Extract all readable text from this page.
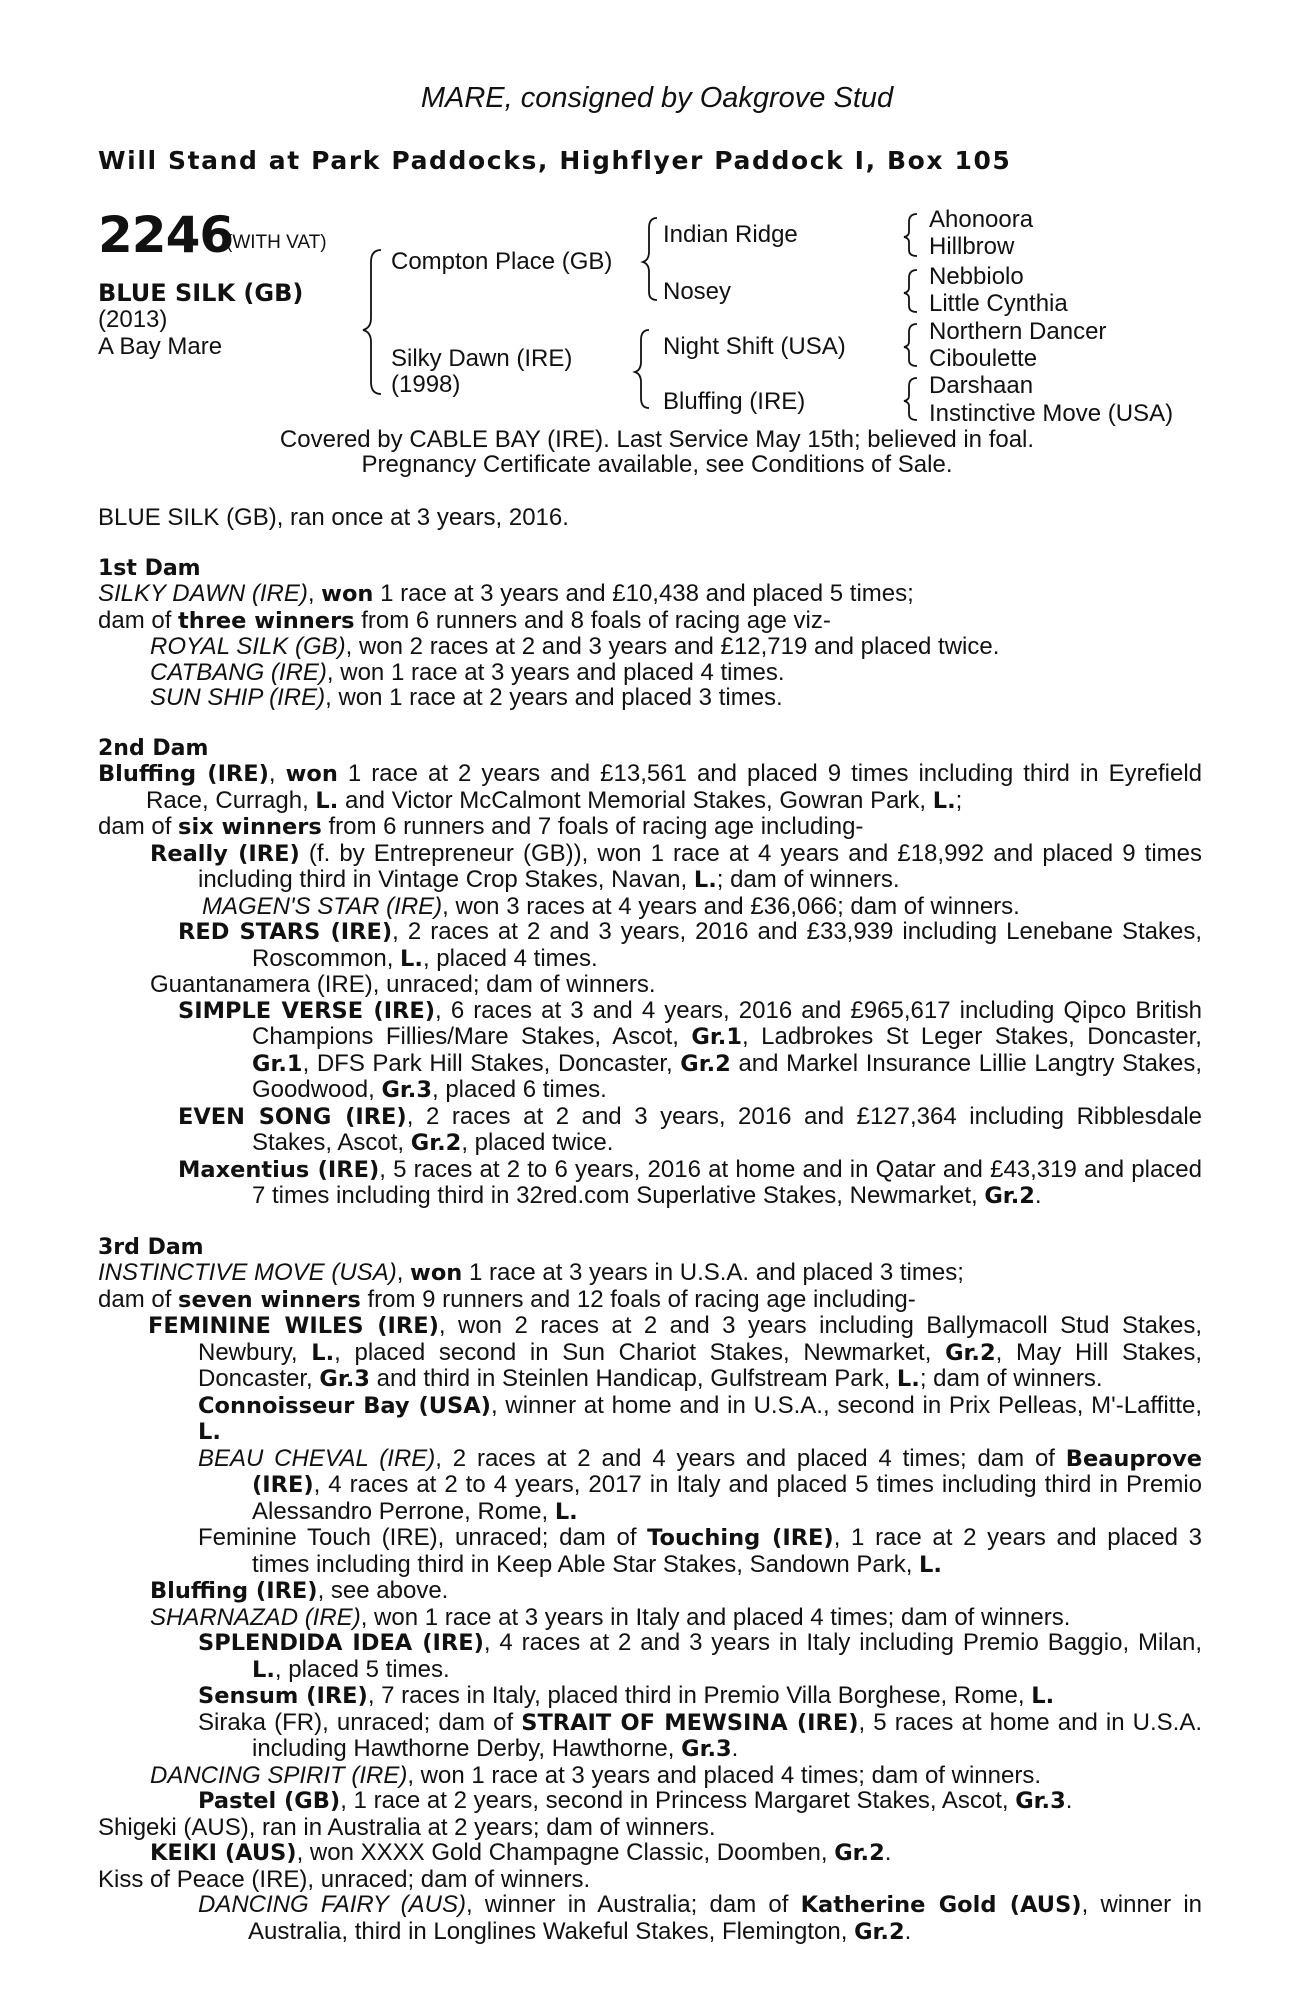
MARE, consigned by Oakgrove Stud
Will Stand at Park Paddocks, Highflyer Paddock I, Box 105
2246
(WITH VAT)
BLUE SILK (GB)
(2013)
A Bay Mare
Compton Place (GB)
Silky Dawn (IRE)
(1998)
Indian Ridge
Nosey
Night Shift (USA)
Bluffing (IRE)
Ahonoora
Hillbrow
Nebbiolo
Little Cynthia
Northern Dancer
Ciboulette
Darshaan
Instinctive Move (USA)
Covered by CABLE BAY (IRE). Last Service May 15th; believed in foal.
Pregnancy Certificate available, see Conditions of Sale.

BLUE SILK (GB), ran once at 3 years, 2016.

1st Dam

SILKY DAWN (IRE), won 1 race at 3 years and £10,438 and placed 5 times;

dam of three winners from 6 runners and 8 foals of racing age viz-

ROYAL SILK (GB), won 2 races at 2 and 3 years and £12,719 and placed twice.

CATBANG (IRE), won 1 race at 3 years and placed 4 times.

SUN SHIP (IRE), won 1 race at 2 years and placed 3 times.

2nd Dam

Bluffing (IRE), won 1 race at 2 years and £13,561 and placed 9 times including third in Eyrefield Race, Curragh, L. and Victor McCalmont Memorial Stakes, Gowran Park, L.;

dam of six winners from 6 runners and 7 foals of racing age including-

Really (IRE) (f. by Entrepreneur (GB)), won 1 race at 4 years and £18,992 and placed 9 times including third in Vintage Crop Stakes, Navan, L.; dam of winners.

MAGEN'S STAR (IRE), won 3 races at 4 years and £36,066; dam of winners.

RED STARS (IRE), 2 races at 2 and 3 years, 2016 and £33,939 including Lenebane Stakes, Roscommon, L., placed 4 times.

Guantanamera (IRE), unraced; dam of winners.

SIMPLE VERSE (IRE), 6 races at 3 and 4 years, 2016 and £965,617 including Qipco British Champions Fillies/Mare Stakes, Ascot, Gr.1, Ladbrokes St Leger Stakes, Doncaster, Gr.1, DFS Park Hill Stakes, Doncaster, Gr.2 and Markel Insurance Lillie Langtry Stakes, Goodwood, Gr.3, placed 6 times.

EVEN SONG (IRE), 2 races at 2 and 3 years, 2016 and £127,364 including Ribblesdale Stakes, Ascot, Gr.2, placed twice.

Maxentius (IRE), 5 races at 2 to 6 years, 2016 at home and in Qatar and £43,319 and placed 7 times including third in 32red.com Superlative Stakes, Newmarket, Gr.2.

3rd Dam

INSTINCTIVE MOVE (USA), won 1 race at 3 years in U.S.A. and placed 3 times;

dam of seven winners from 9 runners and 12 foals of racing age including-

FEMININE WILES (IRE), won 2 races at 2 and 3 years including Ballymacoll Stud Stakes, Newbury, L., placed second in Sun Chariot Stakes, Newmarket, Gr.2, May Hill Stakes, Doncaster, Gr.3 and third in Steinlen Handicap, Gulfstream Park, L.; dam of winners.

Connoisseur Bay (USA), winner at home and in U.S.A., second in Prix Pelleas, M'-Laffitte, L.

BEAU CHEVAL (IRE), 2 races at 2 and 4 years and placed 4 times; dam of Beauprove (IRE), 4 races at 2 to 4 years, 2017 in Italy and placed 5 times including third in Premio Alessandro Perrone, Rome, L.

Feminine Touch (IRE), unraced; dam of Touching (IRE), 1 race at 2 years and placed 3 times including third in Keep Able Star Stakes, Sandown Park, L.

Bluffing (IRE), see above.

SHARNAZAD (IRE), won 1 race at 3 years in Italy and placed 4 times; dam of winners.

SPLENDIDA IDEA (IRE), 4 races at 2 and 3 years in Italy including Premio Baggio, Milan, L., placed 5 times.

Sensum (IRE), 7 races in Italy, placed third in Premio Villa Borghese, Rome, L.

Siraka (FR), unraced; dam of STRAIT OF MEWSINA (IRE), 5 races at home and in U.S.A. including Hawthorne Derby, Hawthorne, Gr.3.

DANCING SPIRIT (IRE), won 1 race at 3 years and placed 4 times; dam of winners.

Pastel (GB), 1 race at 2 years, second in Princess Margaret Stakes, Ascot, Gr.3.

Shigeki (AUS), ran in Australia at 2 years; dam of winners.

KEIKI (AUS), won XXXX Gold Champagne Classic, Doomben, Gr.2.

Kiss of Peace (IRE), unraced; dam of winners.

DANCING FAIRY (AUS), winner in Australia; dam of Katherine Gold (AUS), winner in Australia, third in Longlines Wakeful Stakes, Flemington, Gr.2.
